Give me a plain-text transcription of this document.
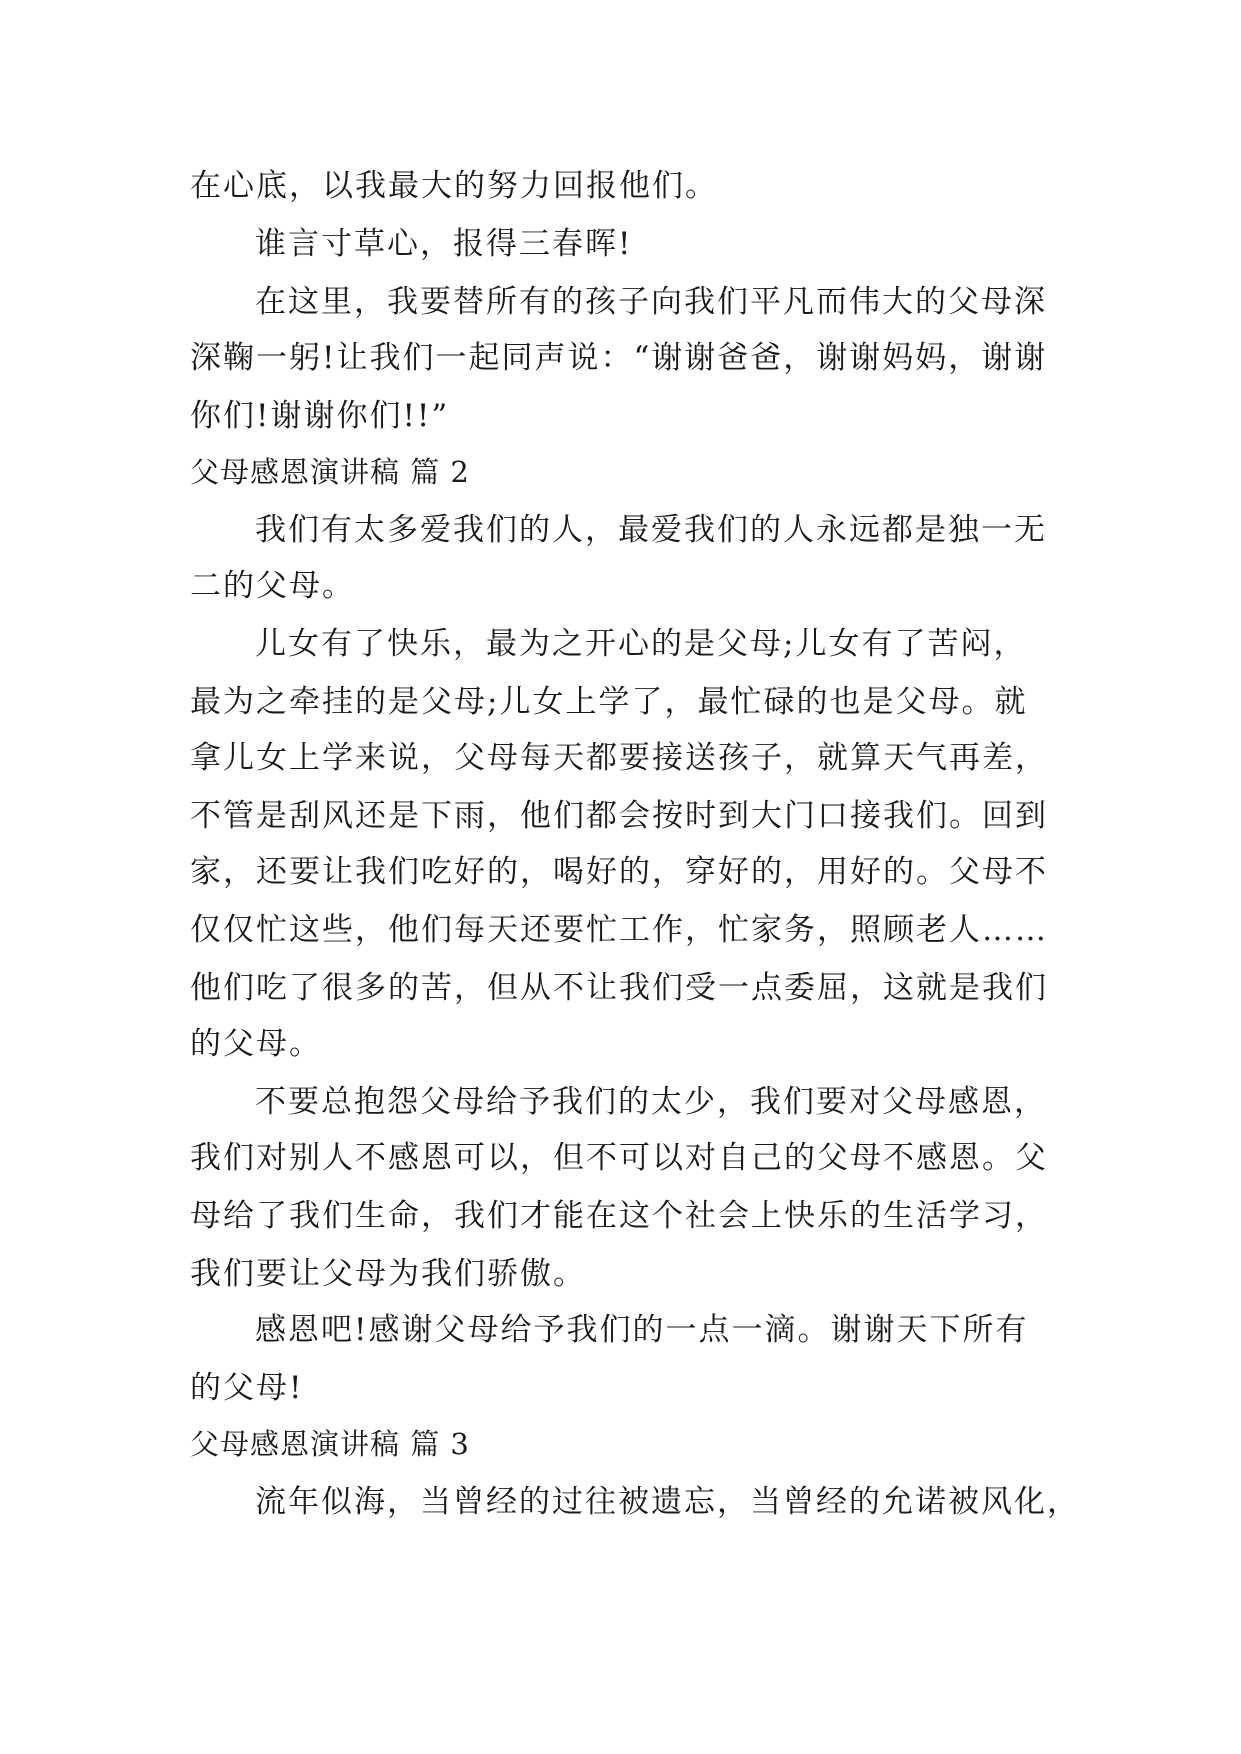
在心底，以我最大的努力回报他们。
谁言寸草心，报得三春晖!
在这里，我要替所有的孩子向我们平凡而伟大的父母深
深鞠一躬!让我们一起同声说：“谢谢爸爸，谢谢妈妈，谢谢
你们!谢谢你们!!”
父母感恩演讲稿 篇 2
我们有太多爱我们的人，最爱我们的人永远都是独一无
二的父母。
儿女有了快乐，最为之开心的是父母;儿女有了苦闷，
最为之牵挂的是父母;儿女上学了，最忙碌的也是父母。就
拿儿女上学来说，父母每天都要接送孩子，就算天气再差，
不管是刮风还是下雨，他们都会按时到大门口接我们。回到
家，还要让我们吃好的，喝好的，穿好的，用好的。父母不
仅仅忙这些，他们每天还要忙工作，忙家务，照顾老人……
他们吃了很多的苦，但从不让我们受一点委屈，这就是我们
的父母。
不要总抱怨父母给予我们的太少，我们要对父母感恩，
我们对别人不感恩可以，但不可以对自己的父母不感恩。父
母给了我们生命，我们才能在这个社会上快乐的生活学习，
我们要让父母为我们骄傲。
感恩吧!感谢父母给予我们的一点一滴。谢谢天下所有
的父母!
父母感恩演讲稿 篇 3
流年似海，当曾经的过往被遗忘，当曾经的允诺被风化，
